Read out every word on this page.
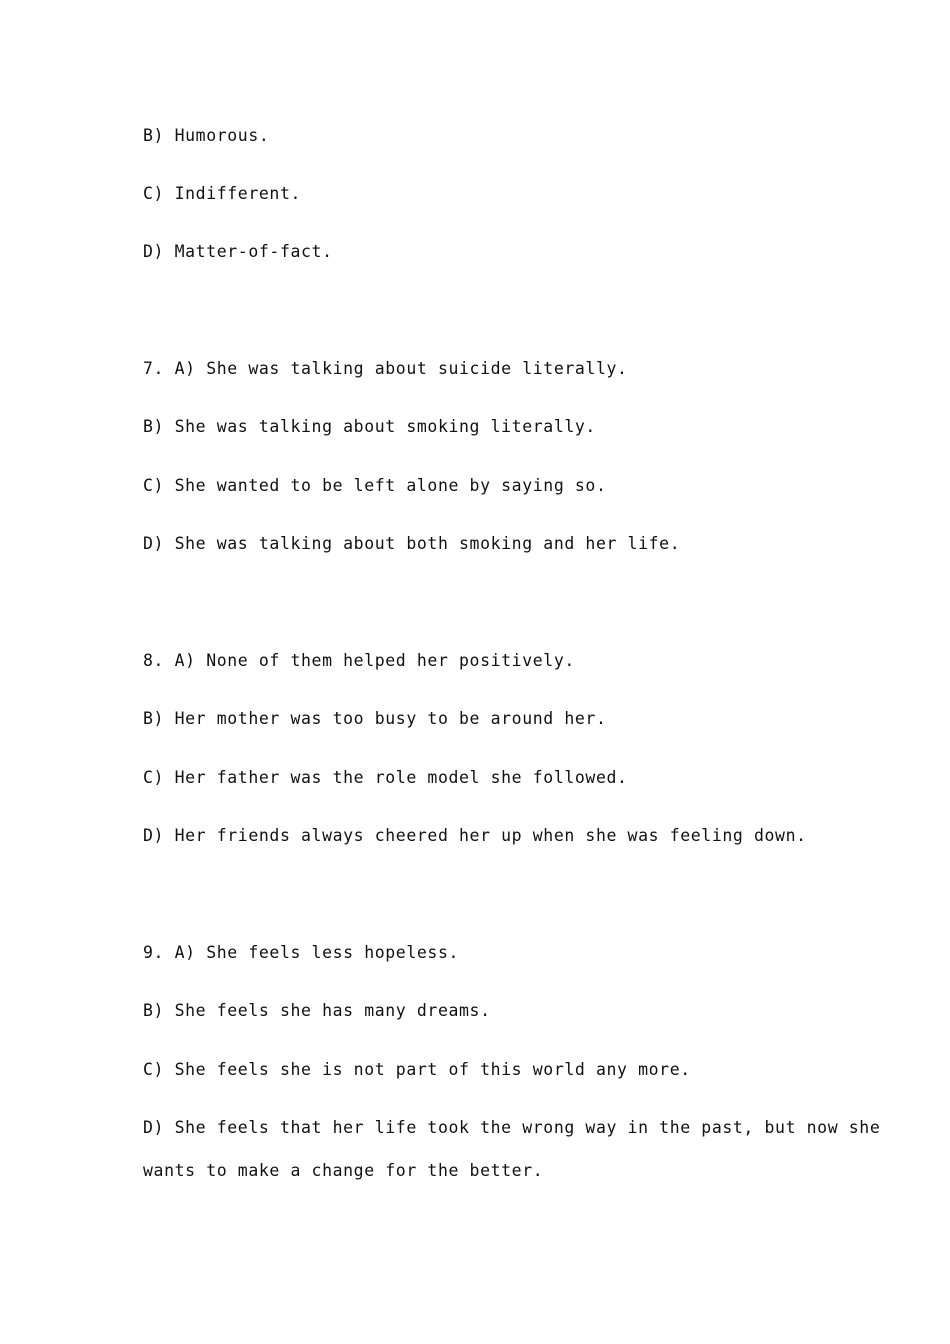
B) Humorous.
C) Indifferent.
D) Matter-of-fact.
7. A) She was talking about suicide literally.
B) She was talking about smoking literally.
C) She wanted to be left alone by saying so.
D) She was talking about both smoking and her life.
8. A) None of them helped her positively.
B) Her mother was too busy to be around her.
C) Her father was the role model she followed.
D) Her friends always cheered her up when she was feeling down.
9. A) She feels less hopeless.
B) She feels she has many dreams.
C) She feels she is not part of this world any more.
D) She feels that her life took the wrong way in the past, but now she
wants to make a change for the better.
